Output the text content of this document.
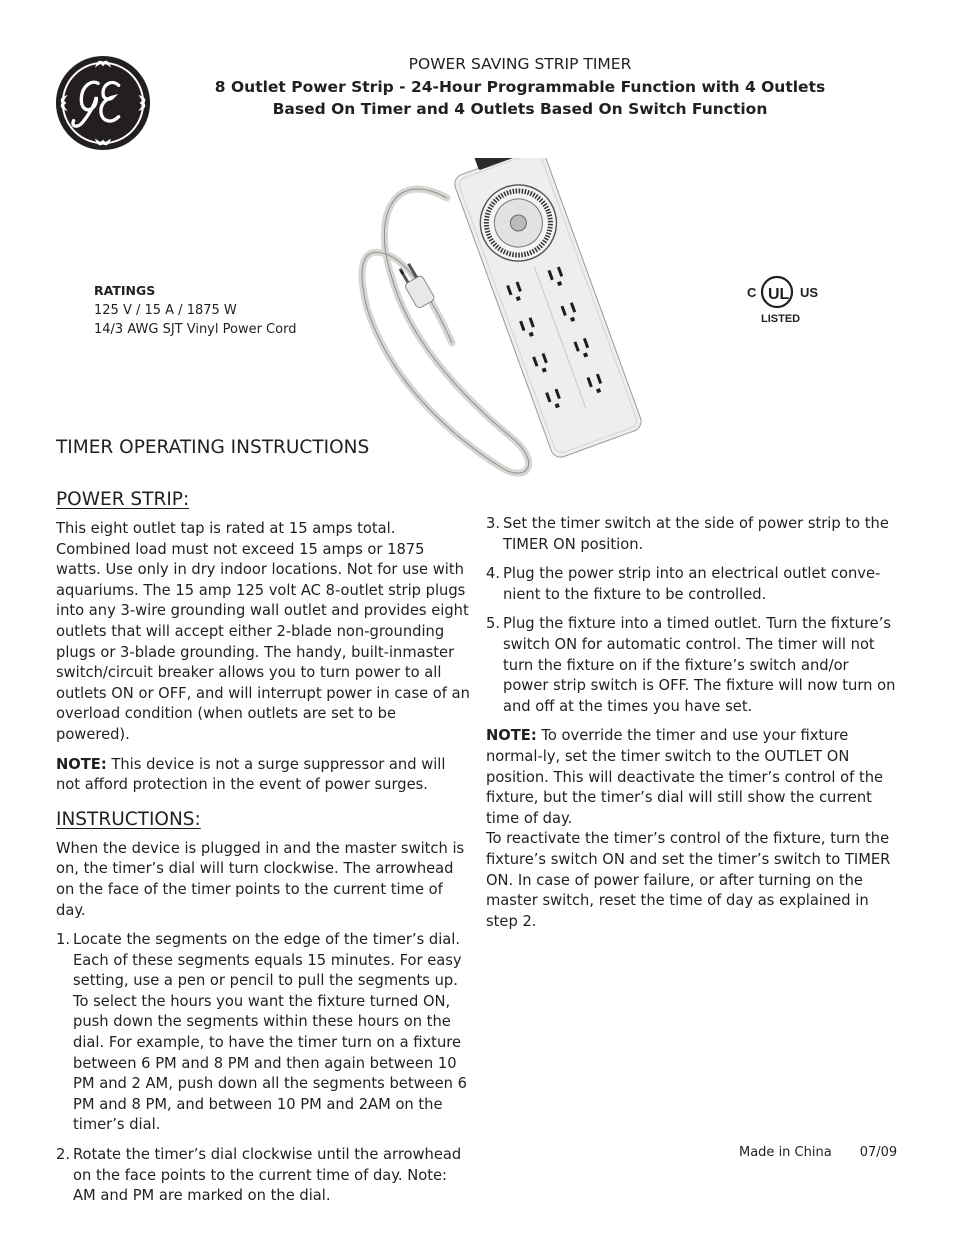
POWER SAVING STRIP TIMER
8 Outlet Power Strip - 24-Hour Programmable Function with 4 Outlets
Based On Timer and 4 Outlets Based On Switch Function
RATINGS
125 V / 15 A / 1875 W
14/3 AWG SJT Vinyl Power Cord
C UL US
LISTED
TIMER OPERATING INSTRUCTIONS
POWER STRIP:
This eight outlet tap is rated at 15 amps total. Combined load must not exceed 15 amps or 1875 watts. Use only in dry indoor locations. Not for use with aquariums. The 15 amp 125 volt AC 8-outlet strip plugs into any 3-wire grounding wall outlet and provides eight outlets that will accept either 2-blade non-grounding plugs or 3-blade grounding. The handy, built-inmaster switch/circuit breaker allows you to turn power to all outlets ON or OFF, and will interrupt power in case of an overload condition (when outlets are set to be powered).
NOTE: This device is not a surge suppressor and will not afford protection in the event of power surges.
INSTRUCTIONS:
When the device is plugged in and the master switch is on, the timer’s dial will turn clockwise. The arrowhead on the face of the timer points to the current time of day.
1. Locate the segments on the edge of the timer’s dial. Each of these segments equals 15 minutes. For easy setting, use a pen or pencil to pull the segments up. To select the hours you want the fixture turned ON, push down the segments within these hours on the dial. For example, to have the timer turn on a fixture between 6 PM and 8 PM and then again between 10 PM and 2 AM, push down all the segments between 6 PM and 8 PM, and between 10 PM and 2AM on the timer’s dial.
2. Rotate the timer’s dial clockwise until the arrowhead on the face points to the current time of day. Note: AM and PM are marked on the dial.
3. Set the timer switch at the side of power strip to the TIMER ON position.
4. Plug the power strip into an electrical outlet conve-nient to the fixture to be controlled.
5. Plug the fixture into a timed outlet. Turn the fixture’s switch ON for automatic control. The timer will not turn the fixture on if the fixture’s switch and/or power strip switch is OFF. The fixture will now turn on and off at the times you have set.
NOTE: To override the timer and use your fixture normal-ly, set the timer switch to the OUTLET ON position. This will deactivate the timer’s control of the fixture, but the timer’s dial will still show the current time of day.
To reactivate the timer’s control of the fixture, turn the fixture’s switch ON and set the timer’s switch to TIMER ON. In case of power failure, or after turning on the master switch, reset the time of day as explained in step 2.
Made in China 07/09
